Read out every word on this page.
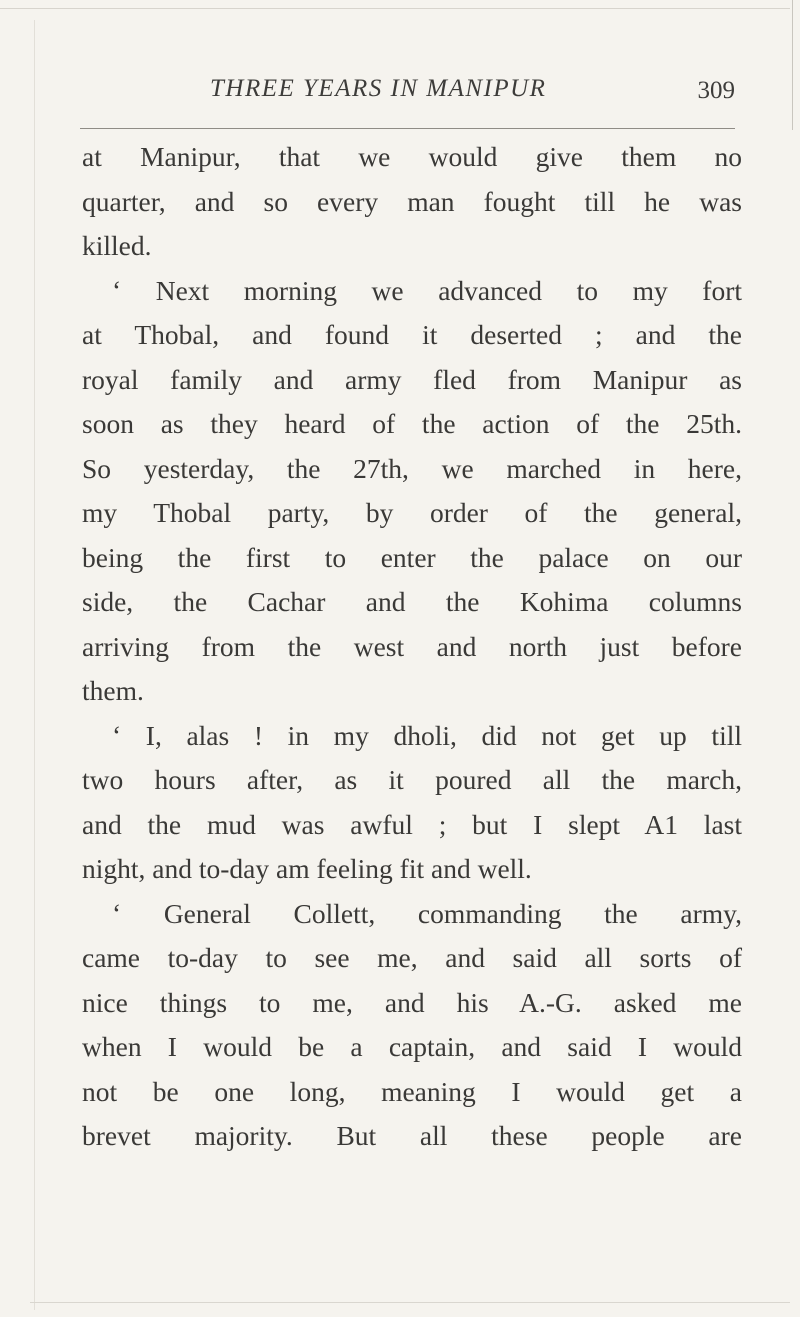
THREE YEARS IN MANIPUR	309
at Manipur, that we would give them no
quarter, and so every man fought till he was
killed.
‘ Next morning we advanced to my fort
at Thobal, and found it deserted ; and the
royal family and army fled from Manipur as
soon as they heard of the action of the 25th.
So yesterday, the 27th, we marched in here,
my Thobal party, by order of the general,
being the first to enter the palace on our
side, the Cachar and the Kohima columns
arriving from the west and north just before
them.
‘ I, alas ! in my dholi, did not get up till
two hours after, as it poured all the march,
and the mud was awful ; but I slept A1 last
night, and to-day am feeling fit and well.
‘ General Collett, commanding the army,
came to-day to see me, and said all sorts of
nice things to me, and his A.-G. asked me
when I would be a captain, and said I would
not be one long, meaning I would get a
brevet majority. But all these people are
